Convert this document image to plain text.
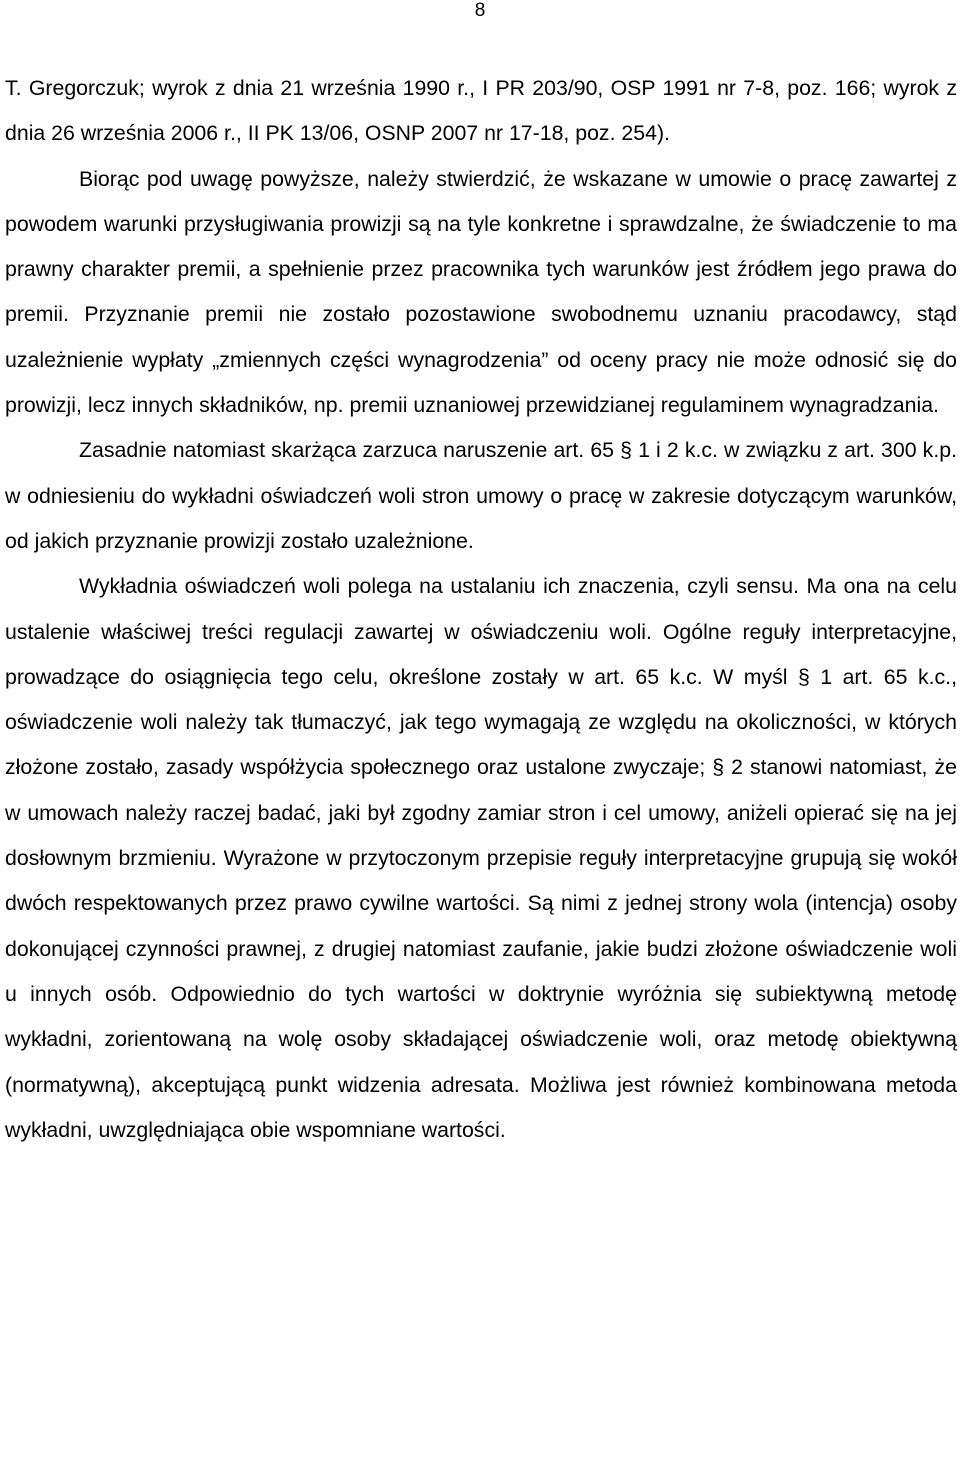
8

T. Gregorczuk; wyrok z dnia 21 września 1990 r., I PR 203/90, OSP 1991 nr 7-8, poz. 166; wyrok z dnia 26 września 2006 r., II PK 13/06, OSNP 2007 nr 17-18, poz. 254).

Biorąc pod uwagę powyższe, należy stwierdzić, że wskazane w umowie o pracę zawartej z powodem warunki przysługiwania prowizji są na tyle konkretne i sprawdzalne, że świadczenie to ma prawny charakter premii, a spełnienie przez pracownika tych warunków jest źródłem jego prawa do premii. Przyznanie premii nie zostało pozostawione swobodnemu uznaniu pracodawcy, stąd uzależnienie wypłaty „zmiennych części wynagrodzenia” od oceny pracy nie może odnosić się do prowizji, lecz innych składników, np. premii uznaniowej przewidzianej regulaminem wynagradzania.

Zasadnie natomiast skarżąca zarzuca naruszenie art. 65 § 1 i 2 k.c. w związku z art. 300 k.p. w odniesieniu do wykładni oświadczeń woli stron umowy o pracę w zakresie dotyczącym warunków, od jakich przyznanie prowizji zostało uzależnione.

Wykładnia oświadczeń woli polega na ustalaniu ich znaczenia, czyli sensu. Ma ona na celu ustalenie właściwej treści regulacji zawartej w oświadczeniu woli. Ogólne reguły interpretacyjne, prowadzące do osiągnięcia tego celu, określone zostały w art. 65 k.c. W myśl § 1 art. 65 k.c., oświadczenie woli należy tak tłumaczyć, jak tego wymagają ze względu na okoliczności, w których złożone zostało, zasady współżycia społecznego oraz ustalone zwyczaje; § 2 stanowi natomiast, że w umowach należy raczej badać, jaki był zgodny zamiar stron i cel umowy, aniżeli opierać się na jej dosłownym brzmieniu. Wyrażone w przytoczonym przepisie reguły interpretacyjne grupują się wokół dwóch respektowanych przez prawo cywilne wartości. Są nimi z jednej strony wola (intencja) osoby dokonującej czynności prawnej, z drugiej natomiast zaufanie, jakie budzi złożone oświadczenie woli u innych osób. Odpowiednio do tych wartości w doktrynie wyróżnia się subiektywną metodę wykładni, zorientowaną na wolę osoby składającej oświadczenie woli, oraz metodę obiektywną (normatywną), akceptującą punkt widzenia adresata. Możliwa jest również kombinowana metoda wykładni, uwzględniająca obie wspomniane wartości.
